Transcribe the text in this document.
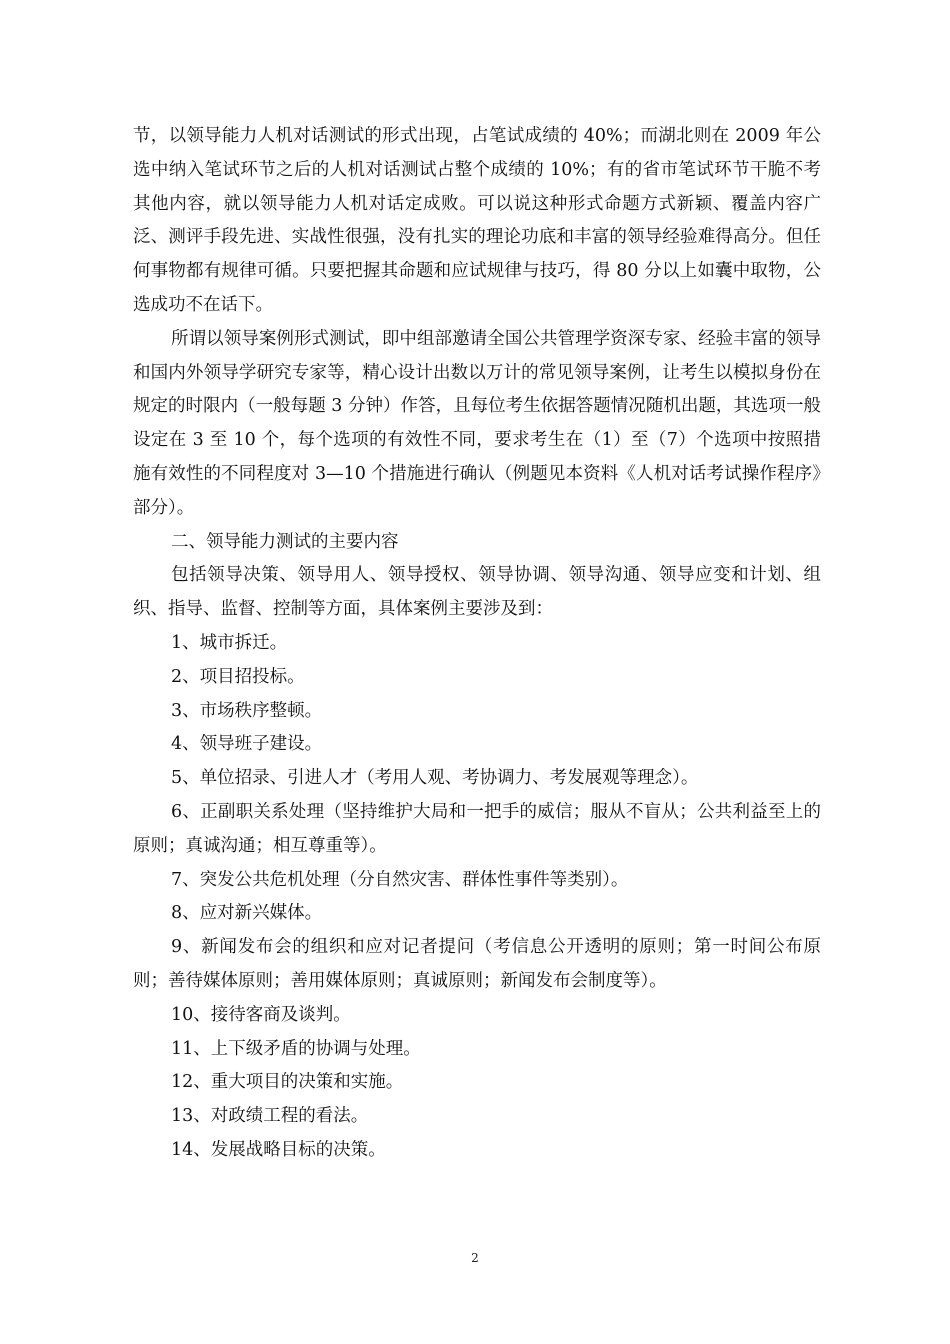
节，以领导能力人机对话测试的形式出现，占笔试成绩的 40%；而湖北则在 2009 年公选中纳入笔试环节之后的人机对话测试占整个成绩的 10%；有的省市笔试环节干脆不考其他内容，就以领导能力人机对话定成败。可以说这种形式命题方式新颖、覆盖内容广泛、测评手段先进、实战性很强，没有扎实的理论功底和丰富的领导经验难得高分。但任何事物都有规律可循。只要把握其命题和应试规律与技巧，得 80 分以上如囊中取物，公选成功不在话下。

所谓以领导案例形式测试，即中组部邀请全国公共管理学资深专家、经验丰富的领导和国内外领导学研究专家等，精心设计出数以万计的常见领导案例，让考生以模拟身份在规定的时限内（一般每题 3 分钟）作答，且每位考生依据答题情况随机出题，其选项一般设定在 3 至 10 个，每个选项的有效性不同，要求考生在（1）至（7）个选项中按照措施有效性的不同程度对 3—10 个措施进行确认（例题见本资料《人机对话考试操作程序》部分）。

二、领导能力测试的主要内容

包括领导决策、领导用人、领导授权、领导协调、领导沟通、领导应变和计划、组织、指导、监督、控制等方面，具体案例主要涉及到：

1、城市拆迁。
2、项目招投标。
3、市场秩序整顿。
4、领导班子建设。
5、单位招录、引进人才（考用人观、考协调力、考发展观等理念）。
6、正副职关系处理（坚持维护大局和一把手的威信；服从不盲从；公共利益至上的原则；真诚沟通；相互尊重等）。
7、突发公共危机处理（分自然灾害、群体性事件等类别）。
8、应对新兴媒体。
9、新闻发布会的组织和应对记者提问（考信息公开透明的原则；第一时间公布原则；善待媒体原则；善用媒体原则；真诚原则；新闻发布会制度等）。
10、接待客商及谈判。
11、上下级矛盾的协调与处理。
12、重大项目的决策和实施。
13、对政绩工程的看法。
14、发展战略目标的决策。
2
